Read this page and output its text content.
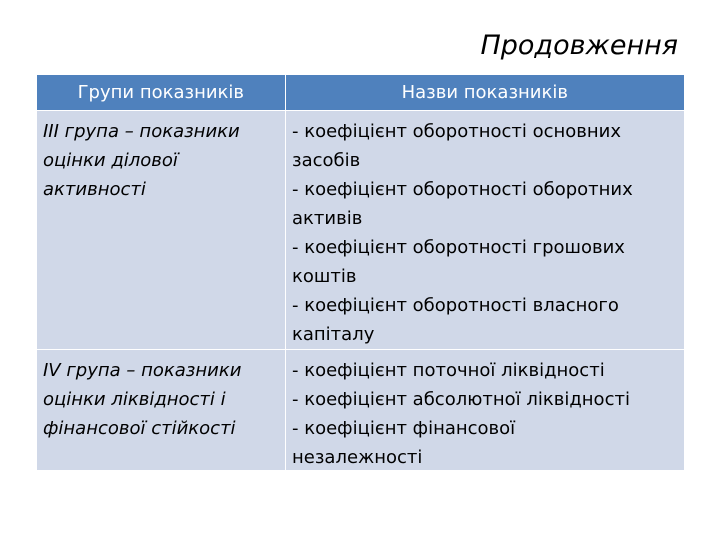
Продовження
Групи показників	Назви показників
III група – показники
оцінки ділової
активності
- коефіцієнт оборотності основних
засобів
- коефіцієнт оборотності оборотних
активів
- коефіцієнт оборотності грошових
коштів
- коефіцієнт оборотності власного
капіталу
IV група – показники
оцінки ліквідності і
фінансової стійкості
- коефіцієнт поточної ліквідності
- коефіцієнт абсолютної ліквідності
- коефіцієнт фінансової
незалежності
